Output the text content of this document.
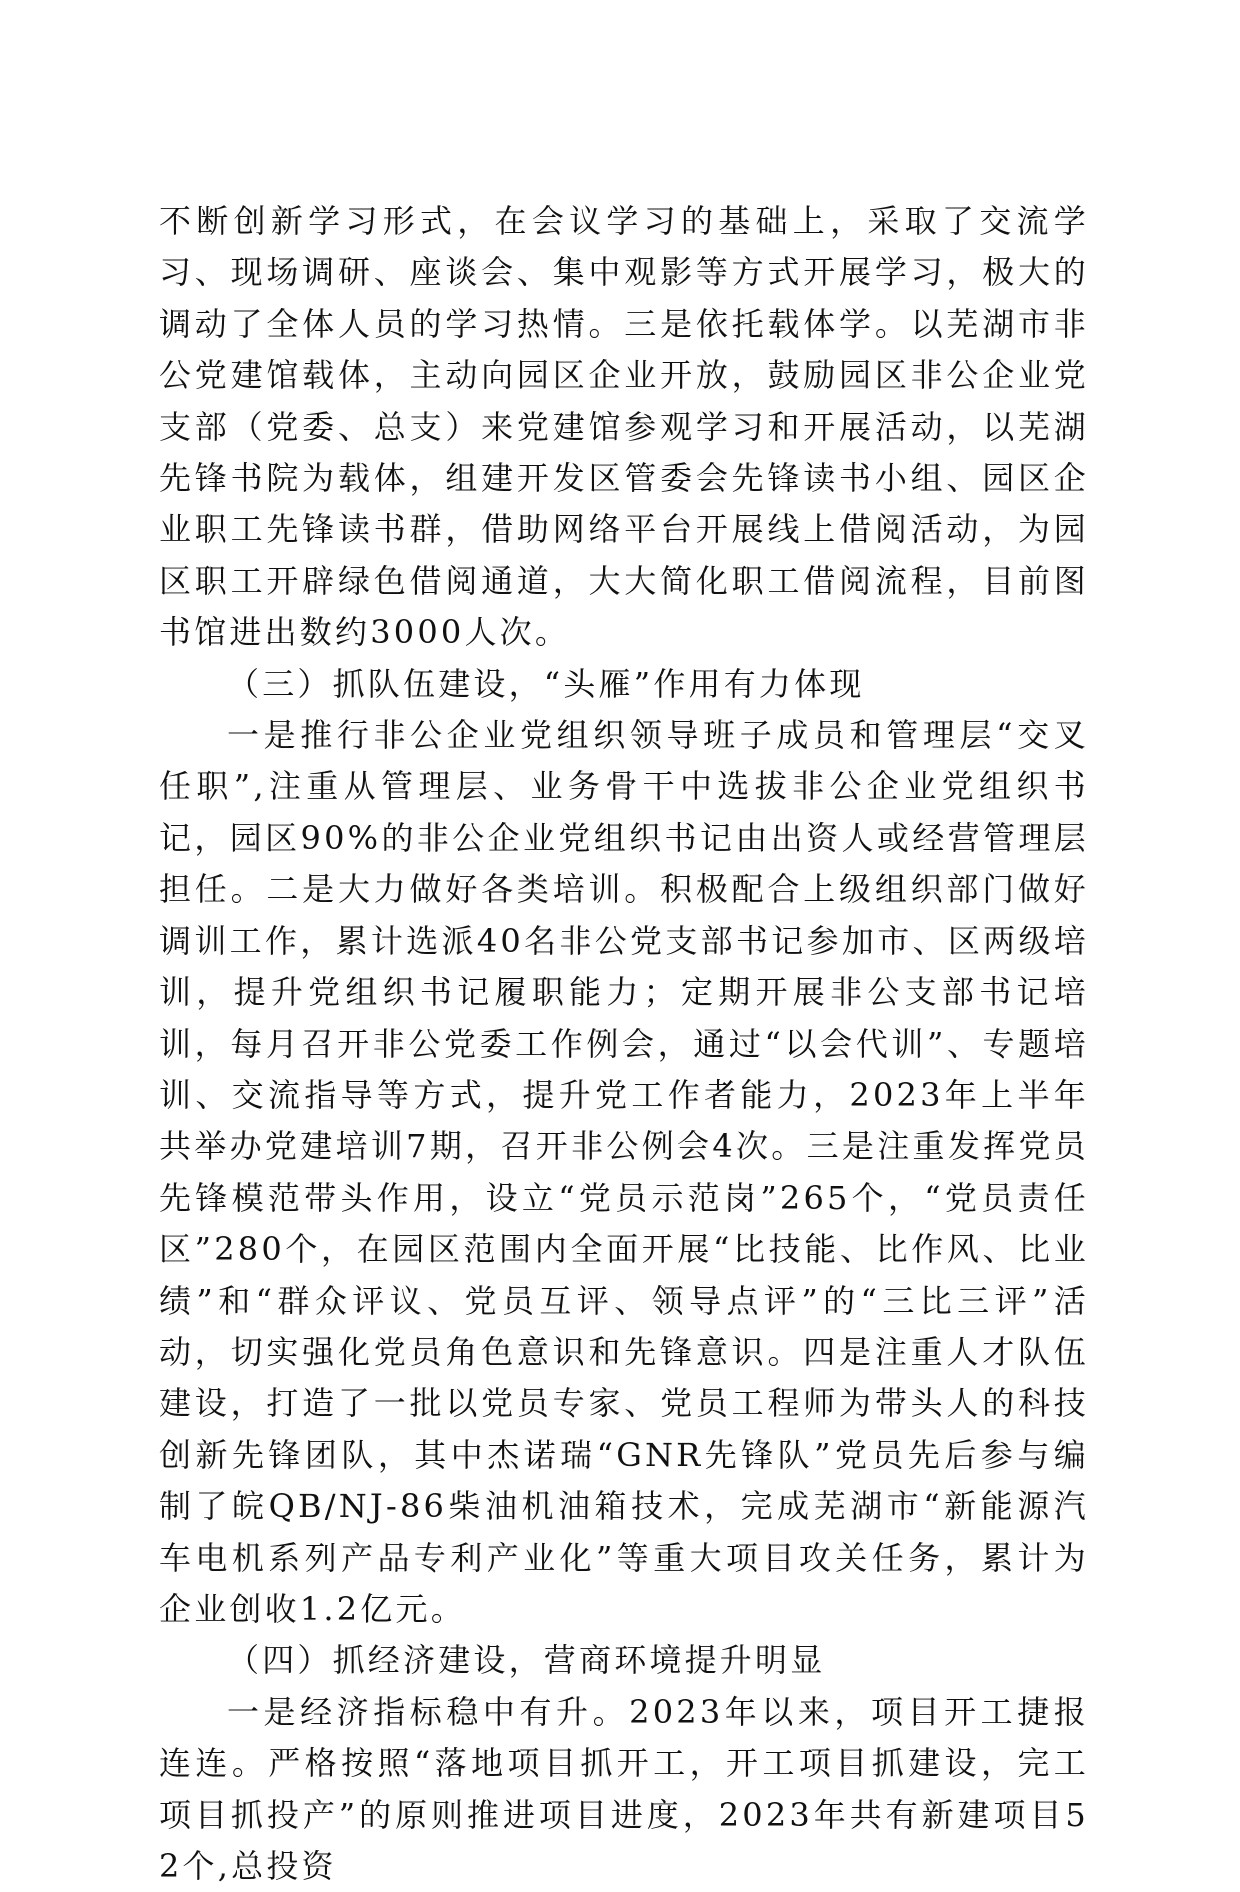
不断创新学习形式，在会议学习的基础上，采取了交流学习、现场调研、座谈会、集中观影等方式开展学习，极大的调动了全体人员的学习热情。三是依托载体学。以芜湖市非公党建馆载体，主动向园区企业开放，鼓励园区非公企业党支部（党委、总支）来党建馆参观学习和开展活动，以芜湖先锋书院为载体，组建开发区管委会先锋读书小组、园区企业职工先锋读书群，借助网络平台开展线上借阅活动，为园区职工开辟绿色借阅通道，大大简化职工借阅流程，目前图书馆进出数约3000人次。

（三）抓队伍建设，“头雁”作用有力体现

一是推行非公企业党组织领导班子成员和管理层“交叉任职”,注重从管理层、业务骨干中选拔非公企业党组织书记，园区90%的非公企业党组织书记由出资人或经营管理层担任。二是大力做好各类培训。积极配合上级组织部门做好调训工作，累计选派40名非公党支部书记参加市、区两级培训，提升党组织书记履职能力；定期开展非公支部书记培训，每月召开非公党委工作例会，通过“以会代训”、专题培训、交流指导等方式，提升党工作者能力，2023年上半年共举办党建培训7期，召开非公例会4次。三是注重发挥党员先锋模范带头作用，设立“党员示范岗”265个，“党员责任区”280个，在园区范围内全面开展“比技能、比作风、比业绩”和“群众评议、党员互评、领导点评”的“三比三评”活动，切实强化党员角色意识和先锋意识。四是注重人才队伍建设，打造了一批以党员专家、党员工程师为带头人的科技创新先锋团队，其中杰诺瑞“GNR先锋队”党员先后参与编制了皖QB/NJ-86柴油机油箱技术，完成芜湖市“新能源汽车电机系列产品专利产业化”等重大项目攻关任务，累计为企业创收1.2亿元。

（四）抓经济建设，营商环境提升明显

一是经济指标稳中有升。2023年以来，项目开工捷报连连。严格按照“落地项目抓开工，开工项目抓建设，完工项目抓投产”的原则推进项目进度，2023年共有新建项目52个,总投资
